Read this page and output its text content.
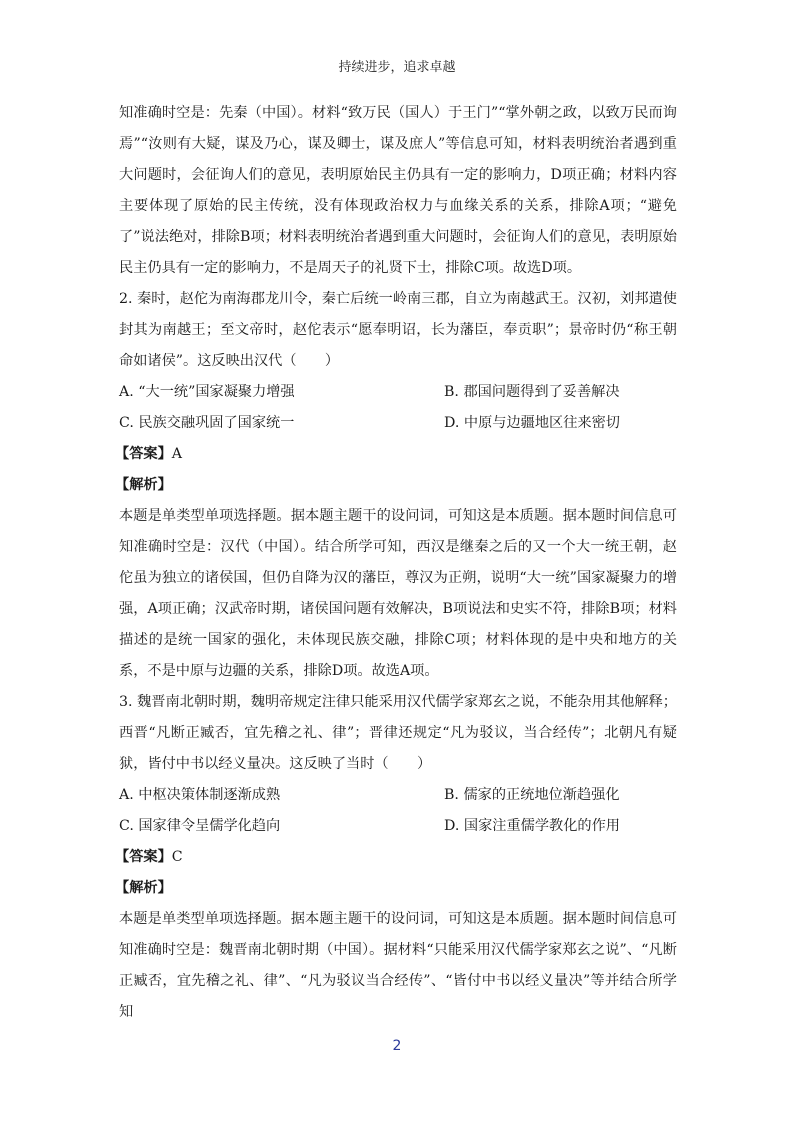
持续进步，追求卓越

知准确时空是：先秦（中国）。材料“致万民（国人）于王门”“掌外朝之政，以致万民而询焉”“汝则有大疑，谋及乃心，谋及卿士，谋及庶人”等信息可知，材料表明统治者遇到重大问题时，会征询人们的意见，表明原始民主仍具有一定的影响力，D项正确；材料内容主要体现了原始的民主传统，没有体现政治权力与血缘关系的关系，排除A项；“避免了”说法绝对，排除B项；材料表明统治者遇到重大问题时，会征询人们的意见，表明原始民主仍具有一定的影响力，不是周天子的礼贤下士，排除C项。故选D项。

2. 秦时，赵佗为南海郡龙川令，秦亡后统一岭南三郡，自立为南越武王。汉初，刘邦遣使封其为南越王；至文帝时，赵佗表示“愿奉明诏，长为藩臣，奉贡职”；景帝时仍“称王朝命如诸侯”。这反映出汉代（　　）

A. “大一统”国家凝聚力增强	B. 郡国问题得到了妥善解决
C. 民族交融巩固了国家统一	D. 中原与边疆地区往来密切
【答案】A
【解析】

本题是单类型单项选择题。据本题主题干的设问词，可知这是本质题。据本题时间信息可知准确时空是：汉代（中国）。结合所学可知，西汉是继秦之后的又一个大一统王朝，赵佗虽为独立的诸侯国，但仍自降为汉的藩臣，尊汉为正朔，说明“大一统”国家凝聚力的增强，A项正确；汉武帝时期，诸侯国问题有效解决，B项说法和史实不符，排除B项；材料描述的是统一国家的强化，未体现民族交融，排除C项；材料体现的是中央和地方的关系，不是中原与边疆的关系，排除D项。故选A项。

3. 魏晋南北朝时期，魏明帝规定注律只能采用汉代儒学家郑玄之说，不能杂用其他解释；西晋“凡断正臧否，宜先稽之礼、律”；晋律还规定“凡为驳议，当合经传”；北朝凡有疑狱，皆付中书以经义量决。这反映了当时（　　）

A. 中枢决策体制逐渐成熟	B. 儒家的正统地位渐趋强化
C. 国家律令呈儒学化趋向	D. 国家注重儒学教化的作用
【答案】C
【解析】

本题是单类型单项选择题。据本题主题干的设问词，可知这是本质题。据本题时间信息可知准确时空是：魏晋南北朝时期（中国）。据材料“只能采用汉代儒学家郑玄之说”、“凡断正臧否，宜先稽之礼、律”、“凡为驳议当合经传”、“皆付中书以经义量决”等并结合所学知

2
